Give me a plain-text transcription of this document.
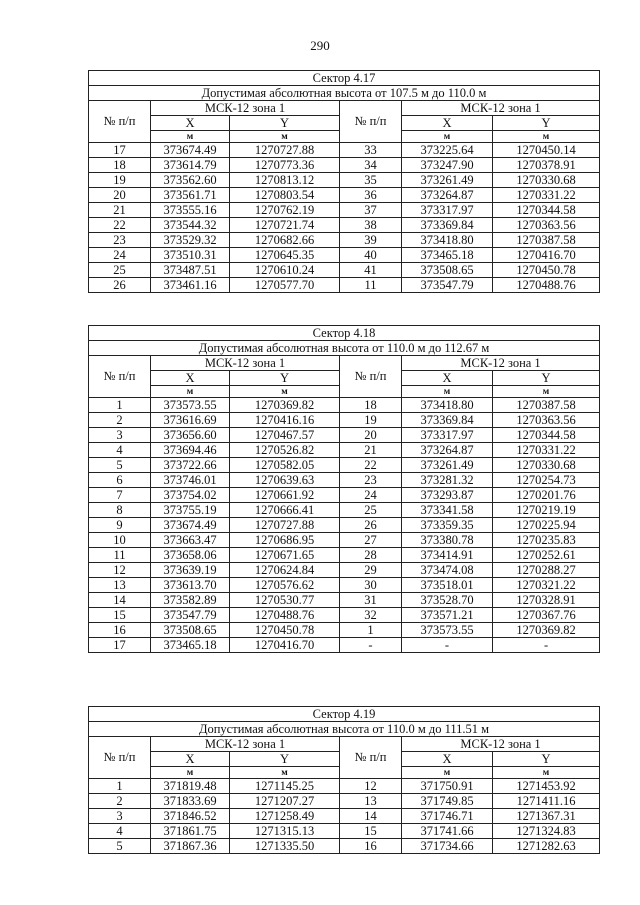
290
Сектор 4.17					
Допустимая абсолютная высота от 107.5 м до 110.0 м					
№ п/п	МСК-12 зона 1		№ п/п	МСК-12 зона 1	
	X	Y		X	Y
	м	м		м	м
17	373674.49	1270727.88	33	373225.64	1270450.14
18	373614.79	1270773.36	34	373247.90	1270378.91
19	373562.60	1270813.12	35	373261.49	1270330.68
20	373561.71	1270803.54	36	373264.87	1270331.22
21	373555.16	1270762.19	37	373317.97	1270344.58
22	373544.32	1270721.74	38	373369.84	1270363.56
23	373529.32	1270682.66	39	373418.80	1270387.58
24	373510.31	1270645.35	40	373465.18	1270416.70
25	373487.51	1270610.24	41	373508.65	1270450.78
26	373461.16	1270577.70	11	373547.79	1270488.76
Сектор 4.18					
Допустимая абсолютная высота от 110.0 м до 112.67 м					
№ п/п	МСК-12 зона 1		№ п/п	МСК-12 зона 1	
	X	Y		X	Y
	м	м		м	м
1	373573.55	1270369.82	18	373418.80	1270387.58
2	373616.69	1270416.16	19	373369.84	1270363.56
3	373656.60	1270467.57	20	373317.97	1270344.58
4	373694.46	1270526.82	21	373264.87	1270331.22
5	373722.66	1270582.05	22	373261.49	1270330.68
6	373746.01	1270639.63	23	373281.32	1270254.73
7	373754.02	1270661.92	24	373293.87	1270201.76
8	373755.19	1270666.41	25	373341.58	1270219.19
9	373674.49	1270727.88	26	373359.35	1270225.94
10	373663.47	1270686.95	27	373380.78	1270235.83
11	373658.06	1270671.65	28	373414.91	1270252.61
12	373639.19	1270624.84	29	373474.08	1270288.27
13	373613.70	1270576.62	30	373518.01	1270321.22
14	373582.89	1270530.77	31	373528.70	1270328.91
15	373547.79	1270488.76	32	373571.21	1270367.76
16	373508.65	1270450.78	1	373573.55	1270369.82
17	373465.18	1270416.70	-	-	-
Сектор 4.19					
Допустимая абсолютная высота от 110.0 м до 111.51 м					
№ п/п	МСК-12 зона 1		№ п/п	МСК-12 зона 1	
	X	Y		X	Y
	м	м		м	м
1	371819.48	1271145.25	12	371750.91	1271453.92
2	371833.69	1271207.27	13	371749.85	1271411.16
3	371846.52	1271258.49	14	371746.71	1271367.31
4	371861.75	1271315.13	15	371741.66	1271324.83
5	371867.36	1271335.50	16	371734.66	1271282.63
